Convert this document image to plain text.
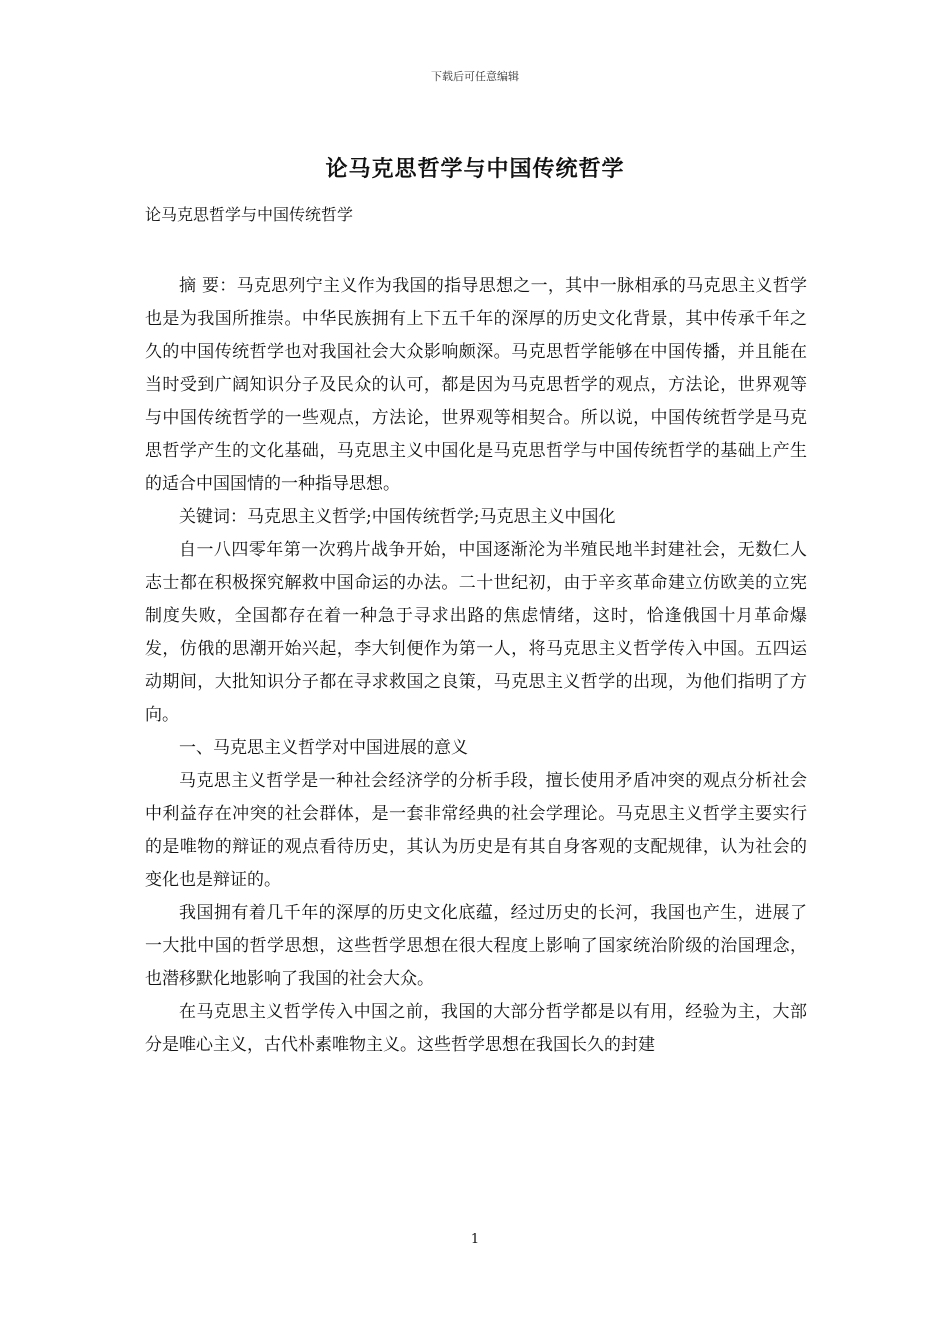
下载后可任意编辑
论马克思哲学与中国传统哲学
论马克思哲学与中国传统哲学

摘 要：马克思列宁主义作为我国的指导思想之一，其中一脉相承的马克思主义哲学也是为我国所推崇。中华民族拥有上下五千年的深厚的历史文化背景，其中传承千年之久的中国传统哲学也对我国社会大众影响颇深。马克思哲学能够在中国传播，并且能在当时受到广阔知识分子及民众的认可，都是因为马克思哲学的观点，方法论，世界观等与中国传统哲学的一些观点，方法论，世界观等相契合。所以说，中国传统哲学是马克思哲学产生的文化基础，马克思主义中国化是马克思哲学与中国传统哲学的基础上产生的适合中国国情的一种指导思想。

关键词：马克思主义哲学;中国传统哲学;马克思主义中国化

自一八四零年第一次鸦片战争开始，中国逐渐沦为半殖民地半封建社会，无数仁人志士都在积极探究解救中国命运的办法。二十世纪初，由于辛亥革命建立仿欧美的立宪制度失败，全国都存在着一种急于寻求出路的焦虑情绪，这时，恰逢俄国十月革命爆发，仿俄的思潮开始兴起，李大钊便作为第一人，将马克思主义哲学传入中国。五四运动期间，大批知识分子都在寻求救国之良策，马克思主义哲学的出现，为他们指明了方向。

一、马克思主义哲学对中国进展的意义

马克思主义哲学是一种社会经济学的分析手段，擅长使用矛盾冲突的观点分析社会中利益存在冲突的社会群体，是一套非常经典的社会学理论。马克思主义哲学主要实行的是唯物的辩证的观点看待历史，其认为历史是有其自身客观的支配规律，认为社会的变化也是辩证的。

我国拥有着几千年的深厚的历史文化底蕴，经过历史的长河，我国也产生，进展了一大批中国的哲学思想，这些哲学思想在很大程度上影响了国家统治阶级的治国理念，也潜移默化地影响了我国的社会大众。

在马克思主义哲学传入中国之前，我国的大部分哲学都是以有用，经验为主，大部分是唯心主义，古代朴素唯物主义。这些哲学思想在我国长久的封建

1
